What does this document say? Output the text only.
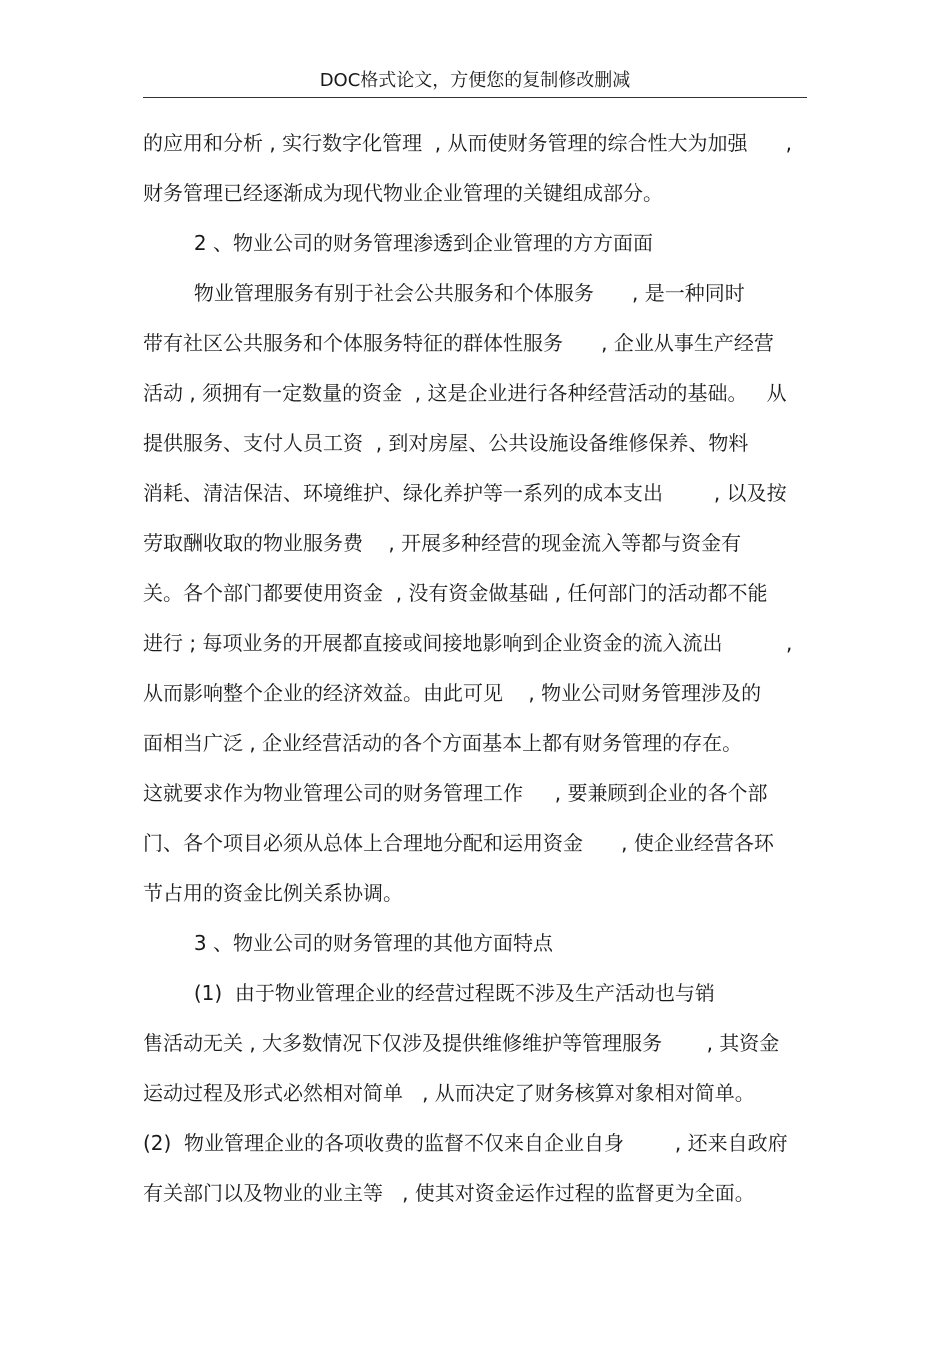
DOC格式论文，方便您的复制修改删减
的应用和分析 , 实行数字化管理  , 从而使财务管理的综合性大为加强      ,
财务管理已经逐渐成为现代物业企业管理的关键组成部分。
2 、物业公司的财务管理渗透到企业管理的方方面面
物业管理服务有别于社会公共服务和个体服务      , 是一种同时
带有社区公共服务和个体服务特征的群体性服务      , 企业从事生产经营
活动 , 须拥有一定数量的资金  , 这是企业进行各种经营活动的基础。   从
提供服务、支付人员工资  , 到对房屋、公共设施设备维修保养、物料
消耗、清洁保洁、环境维护、绿化养护等一系列的成本支出        , 以及按
劳取酬收取的物业服务费    , 开展多种经营的现金流入等都与资金有
关。各个部门都要使用资金  , 没有资金做基础 , 任何部门的活动都不能
进行 ; 每项业务的开展都直接或间接地影响到企业资金的流入流出          ,
从而影响整个企业的经济效益。由此可见    , 物业公司财务管理涉及的
面相当广泛 , 企业经营活动的各个方面基本上都有财务管理的存在。
这就要求作为物业管理公司的财务管理工作     , 要兼顾到企业的各个部
门、各个项目必须从总体上合理地分配和运用资金      , 使企业经营各环
节占用的资金比例关系协调。
3 、物业公司的财务管理的其他方面特点
(1)  由于物业管理企业的经营过程既不涉及生产活动也与销
售活动无关 , 大多数情况下仅涉及提供维修维护等管理服务       , 其资金
运动过程及形式必然相对简单   , 从而决定了财务核算对象相对简单。
(2)  物业管理企业的各项收费的监督不仅来自企业自身        , 还来自政府
有关部门以及物业的业主等   , 使其对资金运作过程的监督更为全面。
